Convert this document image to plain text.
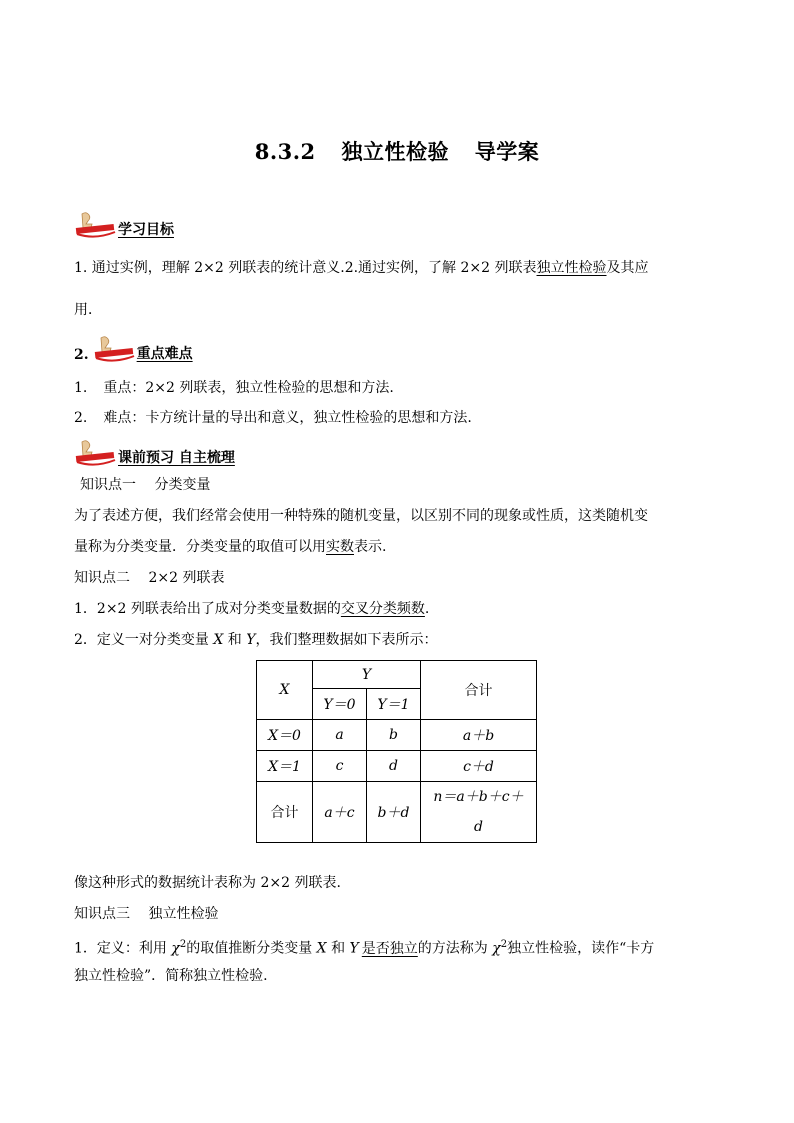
8.3.2 独立性检验 导学案
学习目标
1. 通过实例，理解 2×2 列联表的统计意义.2.通过实例，了解 2×2 列联表独立性检验及其应
用．
2.	重点难点
1. 重点：2×2 列联表，独立性检验的思想和方法.
2. 难点：卡方统计量的导出和意义，独立性检验的思想和方法.
课前预习 自主梳理
知识点一　 分类变量
为了表述方便，我们经常会使用一种特殊的随机变量，以区别不同的现象或性质，这类随机变
量称为分类变量．分类变量的取值可以用实数表示.
知识点二　 2×2 列联表
1．2×2 列联表给出了成对分类变量数据的交叉分类频数.
2．定义一对分类变量 X 和 Y，我们整理数据如下表所示：
X	Y		合计
	Y＝0	Y＝1	
X＝0	a	b	a＋b
X＝1	c	d	c＋d
合计	a＋c	b＋d	n＝a＋b＋c＋
d
像这种形式的数据统计表称为 2×2 列联表.
知识点三　 独立性检验
1．定义：利用 $\chi^2$的取值推断分类变量 X 和 Y 是否独立的方法称为 $\chi^2$独立性检验，读作“卡方
独立性检验”．简称独立性检验.
